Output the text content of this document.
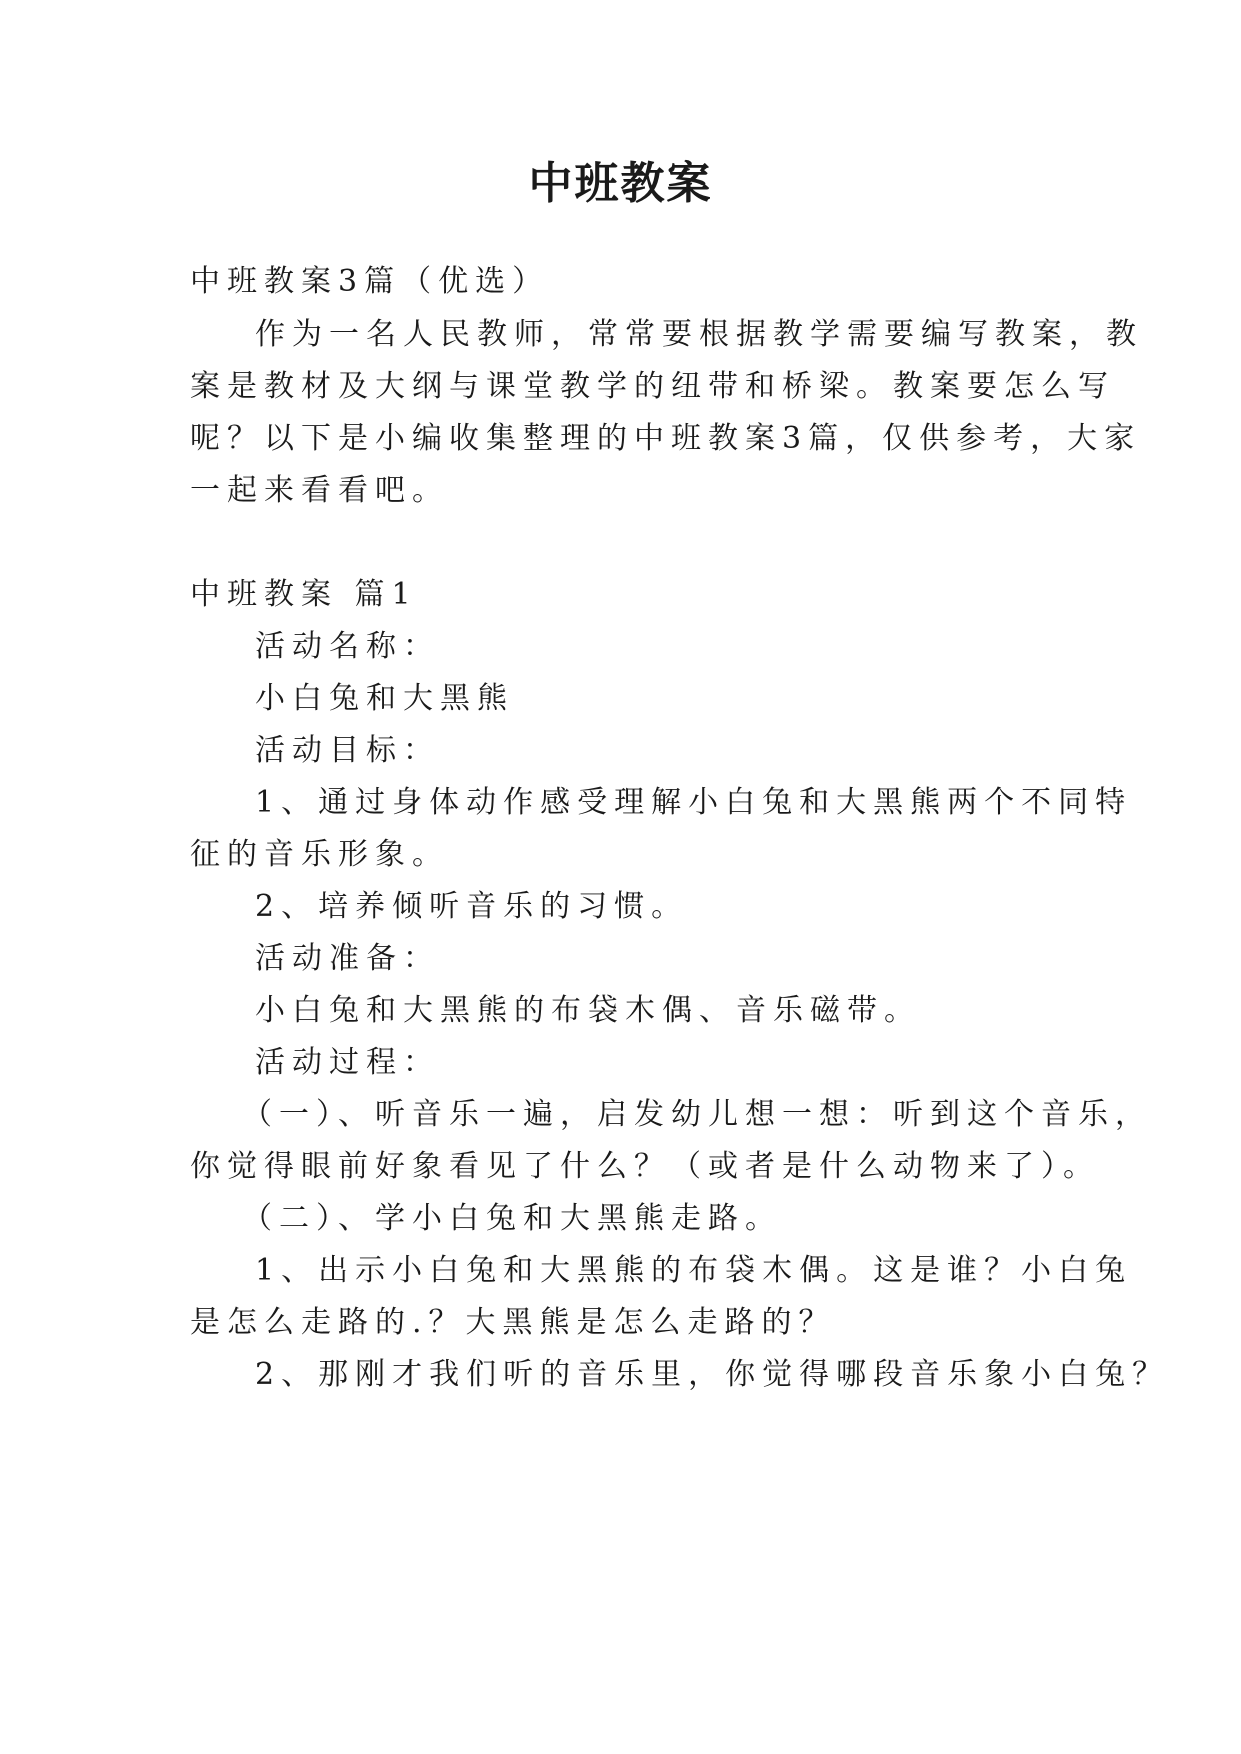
中班教案
中班教案3篇（优选）
作为一名人民教师，常常要根据教学需要编写教案，教
案是教材及大纲与课堂教学的纽带和桥梁。教案要怎么写
呢？以下是小编收集整理的中班教案3篇，仅供参考，大家
一起来看看吧。
中班教案 篇1
活动名称：
小白兔和大黑熊
活动目标：
1、通过身体动作感受理解小白兔和大黑熊两个不同特
征的音乐形象。
2、培养倾听音乐的习惯。
活动准备：
小白兔和大黑熊的布袋木偶、音乐磁带。
活动过程：
（一）、听音乐一遍，启发幼儿想一想：听到这个音乐，
你觉得眼前好象看见了什么？（或者是什么动物来了）。
（二）、学小白兔和大黑熊走路。
1、出示小白兔和大黑熊的布袋木偶。这是谁？小白兔
是怎么走路的.？大黑熊是怎么走路的？
2、那刚才我们听的音乐里，你觉得哪段音乐象小白兔？
